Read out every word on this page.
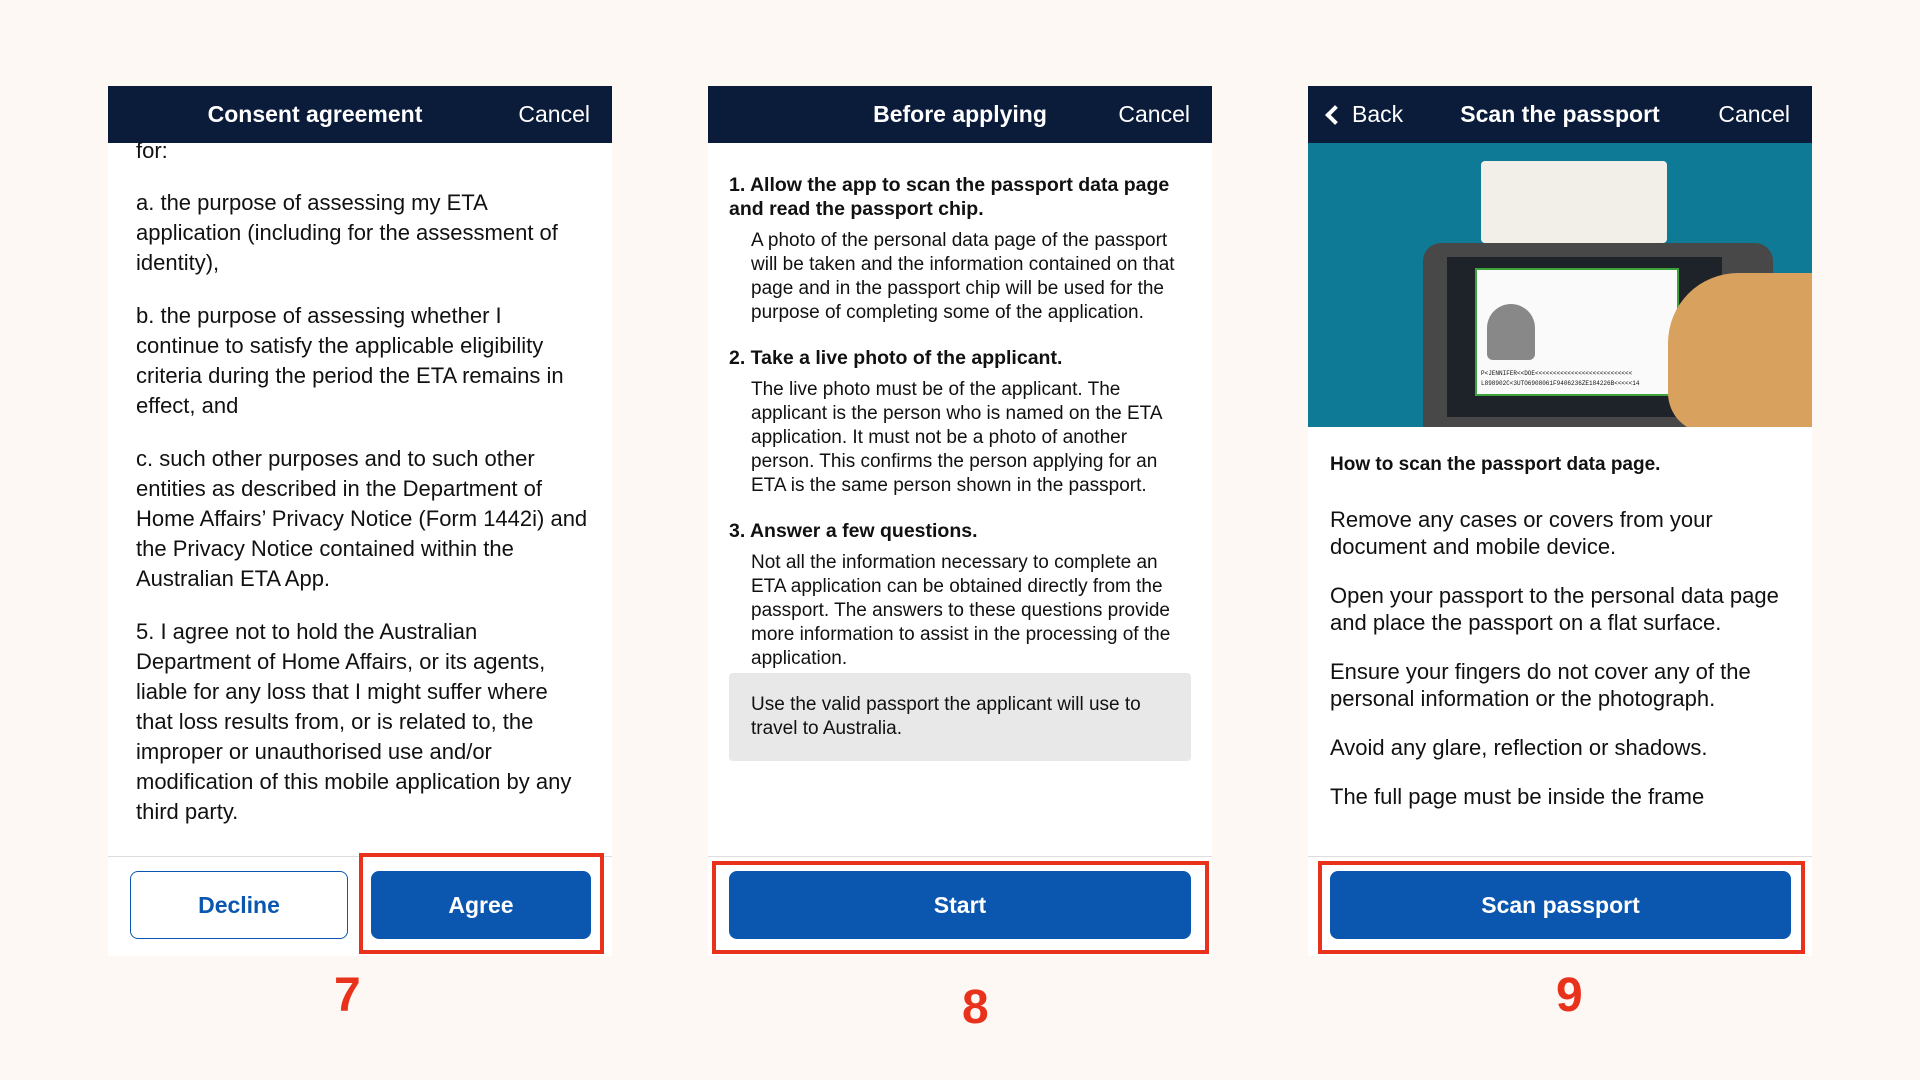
Consent agreement	Cancel

for:

a. the purpose of assessing my ETA application (including for the assessment of identity),

b. the purpose of assessing whether I continue to satisfy the applicable eligibility criteria during the period the ETA remains in effect, and

c. such other purposes and to such other entities as described in the Department of Home Affairs’ Privacy Notice (Form 1442i) and the Privacy Notice contained within the Australian ETA App.

5. I agree not to hold the Australian Department of Home Affairs, or its agents, liable for any loss that I might suffer where that loss results from, or is related to, the improper or unauthorised use and/or modification of this mobile application by any third party.

Decline	Agree
Before applying	Cancel
1. Allow the app to scan the passport data page and read the passport chip.
A photo of the personal data page of the passport will be taken and the information contained on that page and in the passport chip will be used for the purpose of completing some of the application.
2. Take a live photo of the applicant.
The live photo must be of the applicant. The applicant is the person who is named on the ETA application. It must not be a photo of another person. This confirms the person applying for an ETA is the same person shown in the passport.
3. Answer a few questions.
Not all the information necessary to complete an ETA application can be obtained directly from the passport. The answers to these questions provide more information to assist in the processing of the application.
Use the valid passport the applicant will use to travel to Australia.
Start
Back	Scan the passport	Cancel
P<JENNIFER<<DOE<<<<<<<<<<<<<<<<<<<<<<<<<<<
L898902C<3UTO6908061F9406236ZE184226B<<<<<14

How to scan the passport data page.

Remove any cases or covers from your document and mobile device.

Open your passport to the personal data page and place the passport on a flat surface.

Ensure your fingers do not cover any of the personal information or the photograph.

Avoid any glare, reflection or shadows.

The full page must be inside the frame

Scan passport
7	8	9
